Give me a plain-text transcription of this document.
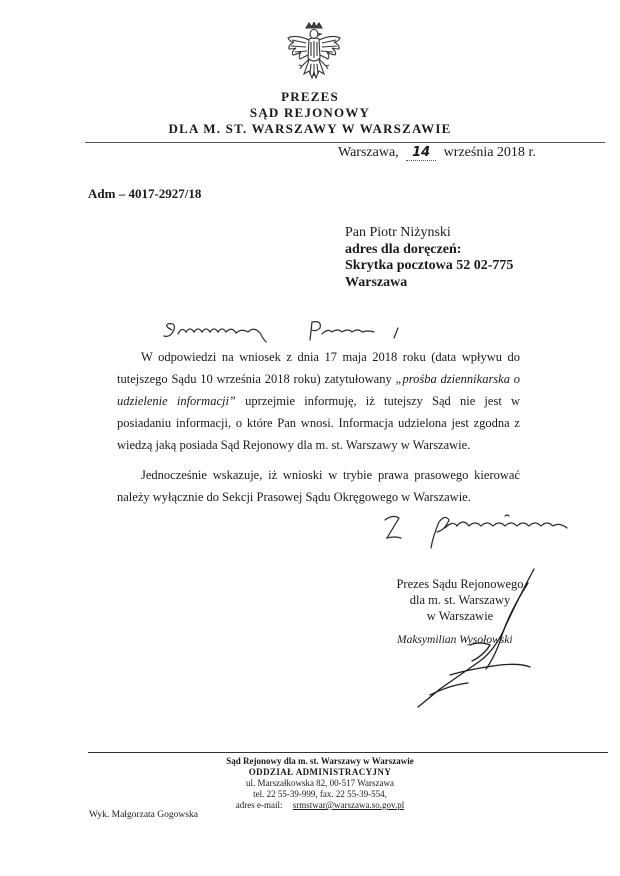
PREZES
SĄD REJONOWY
DLA M. ST. WARSZAWY W WARSZAWIE
Warszawa, 14 września 2018 r.
Adm – 4017-2927/18
Pan Piotr Niżynski
adres dla doręczeń:
Skrytka pocztowa 52 02-775
Warszawa

W odpowiedzi na wniosek z dnia 17 maja 2018 roku (data wpływu do tutejszego Sądu 10 września 2018 roku) zatytułowany „prośba dziennikarska o udzielenie informacji” uprzejmie informuję, iż tutejszy Sąd nie jest w posiadaniu informacji, o które Pan wnosi. Informacja udzielona jest zgodna z wiedzą jaką posiada Sąd Rejonowy dla m. st. Warszawy w Warszawie.

Jednocześnie wskazuje, iż wnioski w trybie prawa prasowego kierować należy wyłącznie do Sekcji Prasowej Sądu Okręgowego w Warszawie.

Prezes Sądu Rejonowego
dla m. st. Warszawy
w Warszawie
Maksymilian Wysołowski
Sąd Rejonowy dla m. st. Warszawy w Warszawie
ODDZIAŁ ADMINISTRACYJNY
ul. Marszałkowska 82, 00-517 Warszawa
tel. 22 55-39-999, fax. 22 55-39-554,
adres e-mail: srmstwar@warszawa.so.gov.pl
Wyk. Małgorzata Gogowska
